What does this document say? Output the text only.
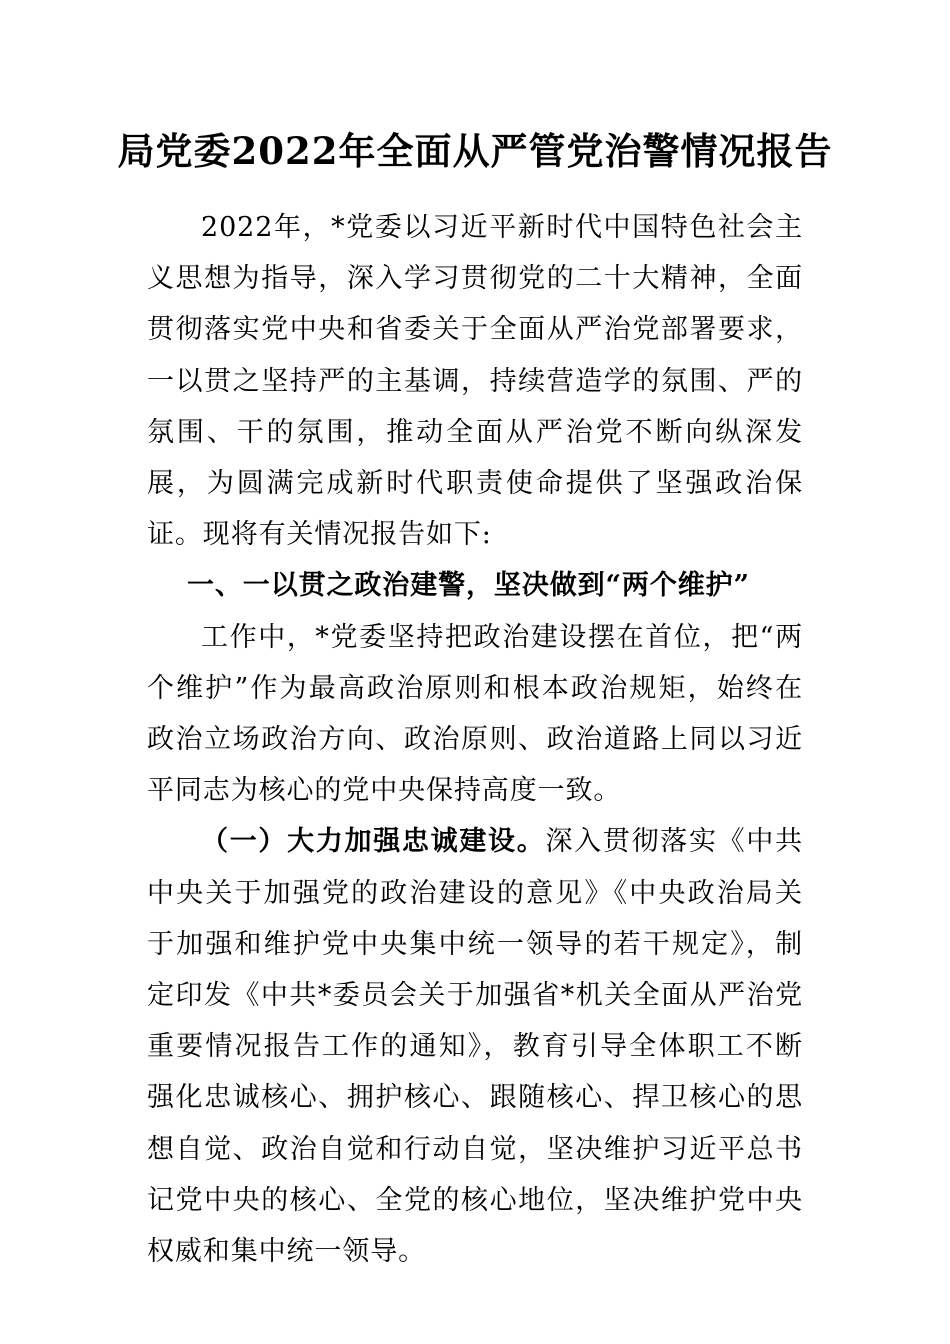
局党委2022年全面从严管党治警情况报告

2022年，*党委以习近平新时代中国特色社会主义思想为指导，深入学习贯彻党的二十大精神，全面贯彻落实党中央和省委关于全面从严治党部署要求，一以贯之坚持严的主基调，持续营造学的氛围、严的氛围、干的氛围，推动全面从严治党不断向纵深发展，为圆满完成新时代职责使命提供了坚强政治保证。现将有关情况报告如下:

一、一以贯之政治建警，坚决做到“两个维护”

工作中，*党委坚持把政治建设摆在首位，把“两个维护”作为最高政治原则和根本政治规矩，始终在政治立场政治方向、政治原则、政治道路上同以习近平同志为核心的党中央保持高度一致。

（一）大力加强忠诚建设。深入贯彻落实《中共中央关于加强党的政治建设的意见》《中央政治局关于加强和维护党中央集中统一领导的若干规定》，制定印发《中共*委员会关于加强省*机关全面从严治党重要情况报告工作的通知》，教育引导全体职工不断强化忠诚核心、拥护核心、跟随核心、捍卫核心的思想自觉、政治自觉和行动自觉，坚决维护习近平总书记党中央的核心、全党的核心地位，坚决维护党中央权威和集中统一领导。
